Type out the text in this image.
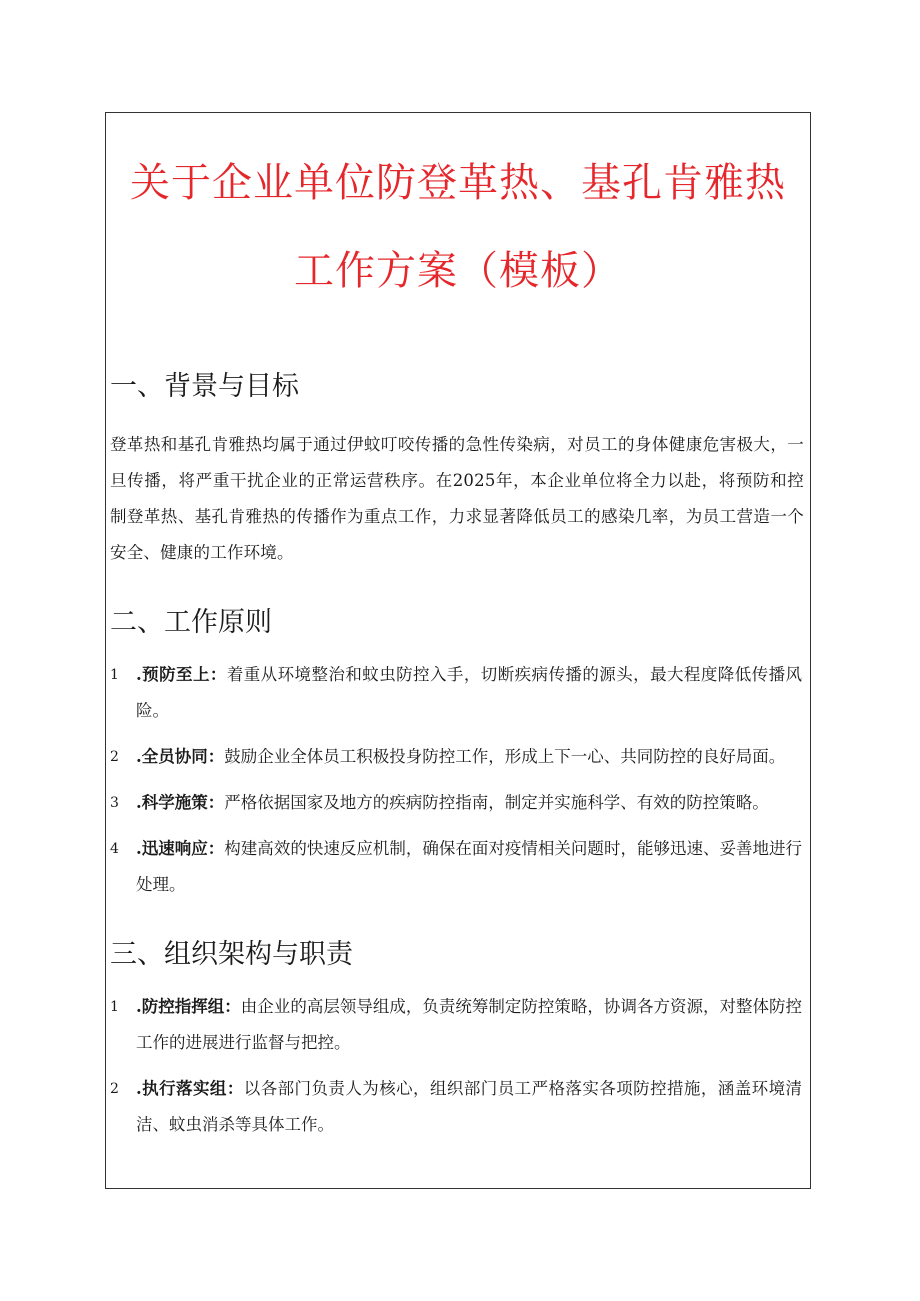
关于企业单位防登革热、基孔肯雅热
工作方案（模板）
一、背景与目标

登革热和基孔肯雅热均属于通过伊蚊叮咬传播的急性传染病，对员工的身体健康危害极大，一旦传播，将严重干扰企业的正常运营秩序。在2025年，本企业单位将全力以赴，将预防和控制登革热、基孔肯雅热的传播作为重点工作，力求显著降低员工的感染几率，为员工营造一个安全、健康的工作环境。

二、工作原则
1 .预防至上：着重从环境整治和蚊虫防控入手，切断疾病传播的源头，最大程度降低传播风险。
2 .全员协同：鼓励企业全体员工积极投身防控工作，形成上下一心、共同防控的良好局面。
3 .科学施策：严格依据国家及地方的疾病防控指南，制定并实施科学、有效的防控策略。
4 .迅速响应：构建高效的快速反应机制，确保在面对疫情相关问题时，能够迅速、妥善地进行处理。
三、组织架构与职责
1 .防控指挥组：由企业的高层领导组成，负责统筹制定防控策略，协调各方资源，对整体防控工作的进展进行监督与把控。
2 .执行落实组：以各部门负责人为核心，组织部门员工严格落实各项防控措施，涵盖环境清洁、蚊虫消杀等具体工作。
